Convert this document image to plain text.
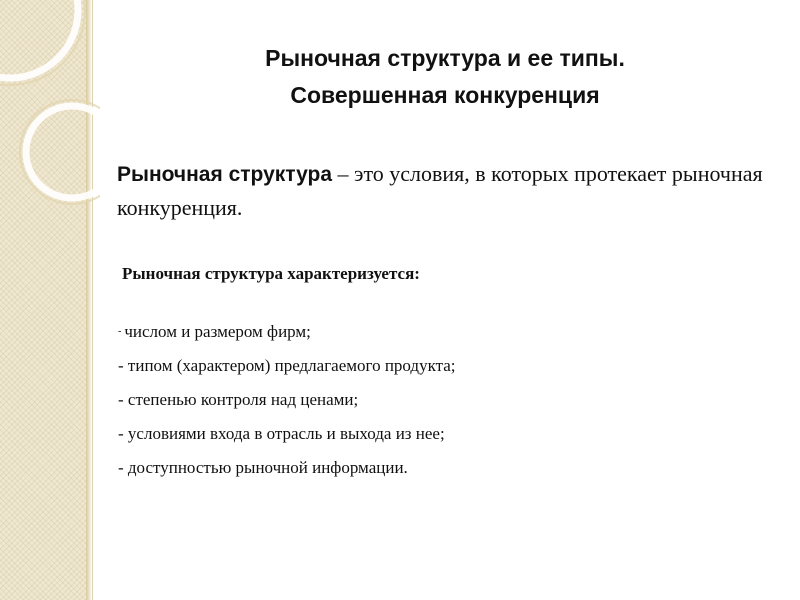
Рыночная структура и ее типы.
Совершенная конкуренция
Рыночная структура – это условия, в которых протекает рыночная конкуренция.
Рыночная структура характеризуется:
- числом и размером фирм;
- типом (характером) предлагаемого продукта;
- степенью контроля над ценами;
- условиями входа в отрасль и выхода из нее;
- доступностью рыночной информации.
